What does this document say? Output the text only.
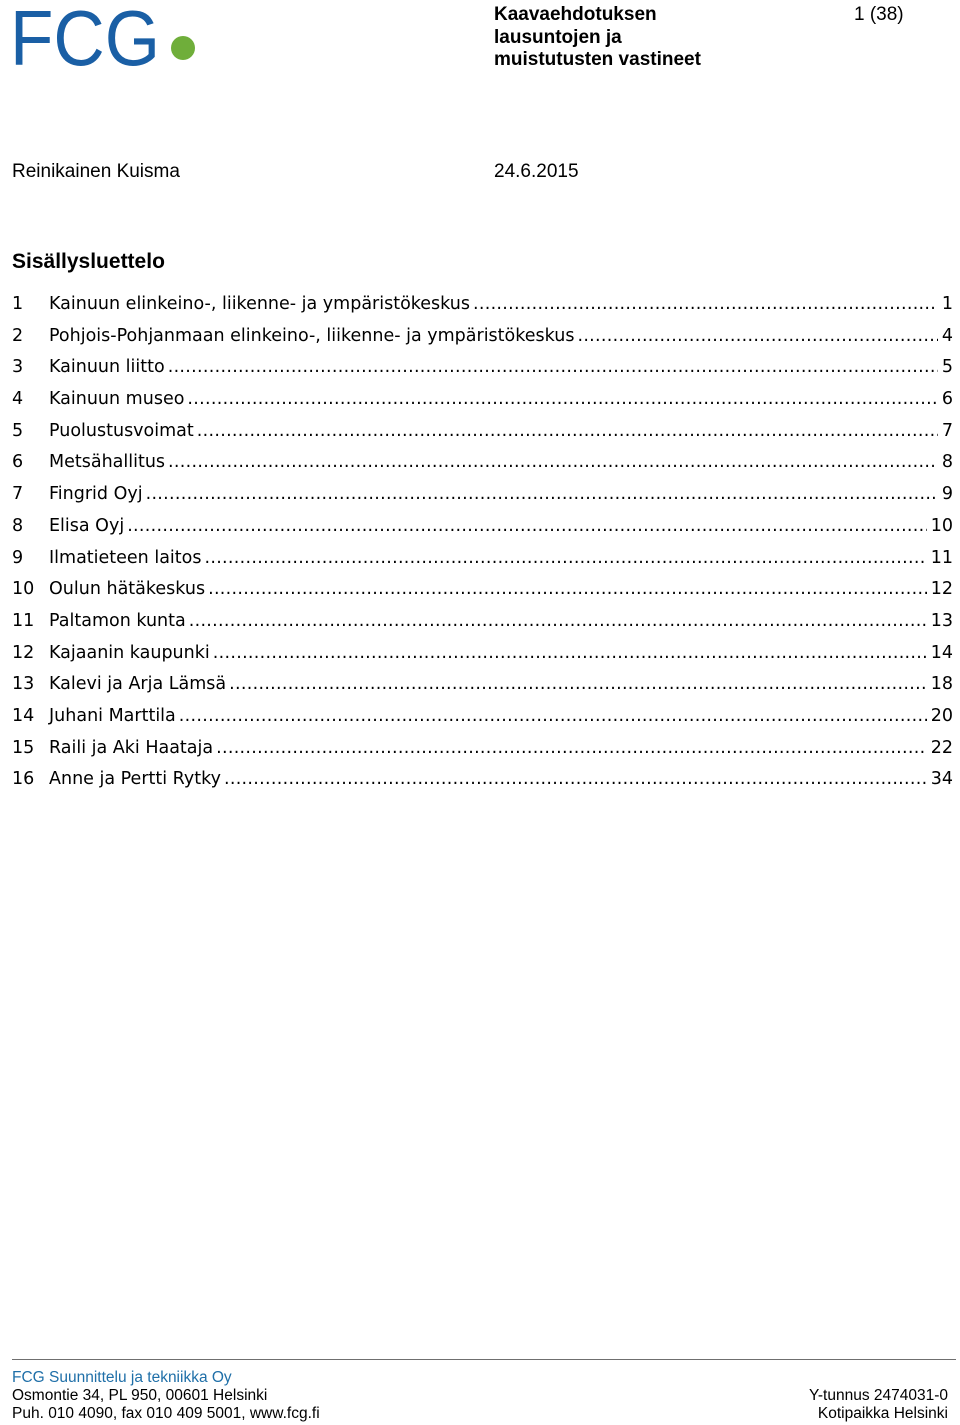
FCG	Kaavaehdotuksen lausuntojen ja muistutusten vastineet
1 (38)
Reinikainen Kuisma	24.6.2015
Sisällysluettelo
1	Kainuun elinkeino-, liikenne- ja ympäristökeskus .....	1
2	Pohjois-Pohjanmaan elinkeino-, liikenne- ja ympäristökeskus .....	4
3	Kainuun liitto .....	5
4	Kainuun museo .....	6
5	Puolustusvoimat .....	7
6	Metsähallitus .....	8
7	Fingrid Oyj .....	9
8	Elisa Oyj .....	10
9	Ilmatieteen laitos .....	11
10 Oulun hätäkeskus .....	12
11 Paltamon kunta .....	13
12 Kajaanin kaupunki .....	14
13 Kalevi ja Arja Lämsä .....	18
14 Juhani Marttila .....	20
15 Raili ja Aki Haataja .....	22
16 Anne ja Pertti Rytky .....	34
FCG Suunnittelu ja tekniikka Oy
Osmontie 34, PL 950, 00601 Helsinki
Puh. 010 4090, fax 010 409 5001, www.fcg.fi
Y-tunnus 2474031-0
Kotipaikka Helsinki
